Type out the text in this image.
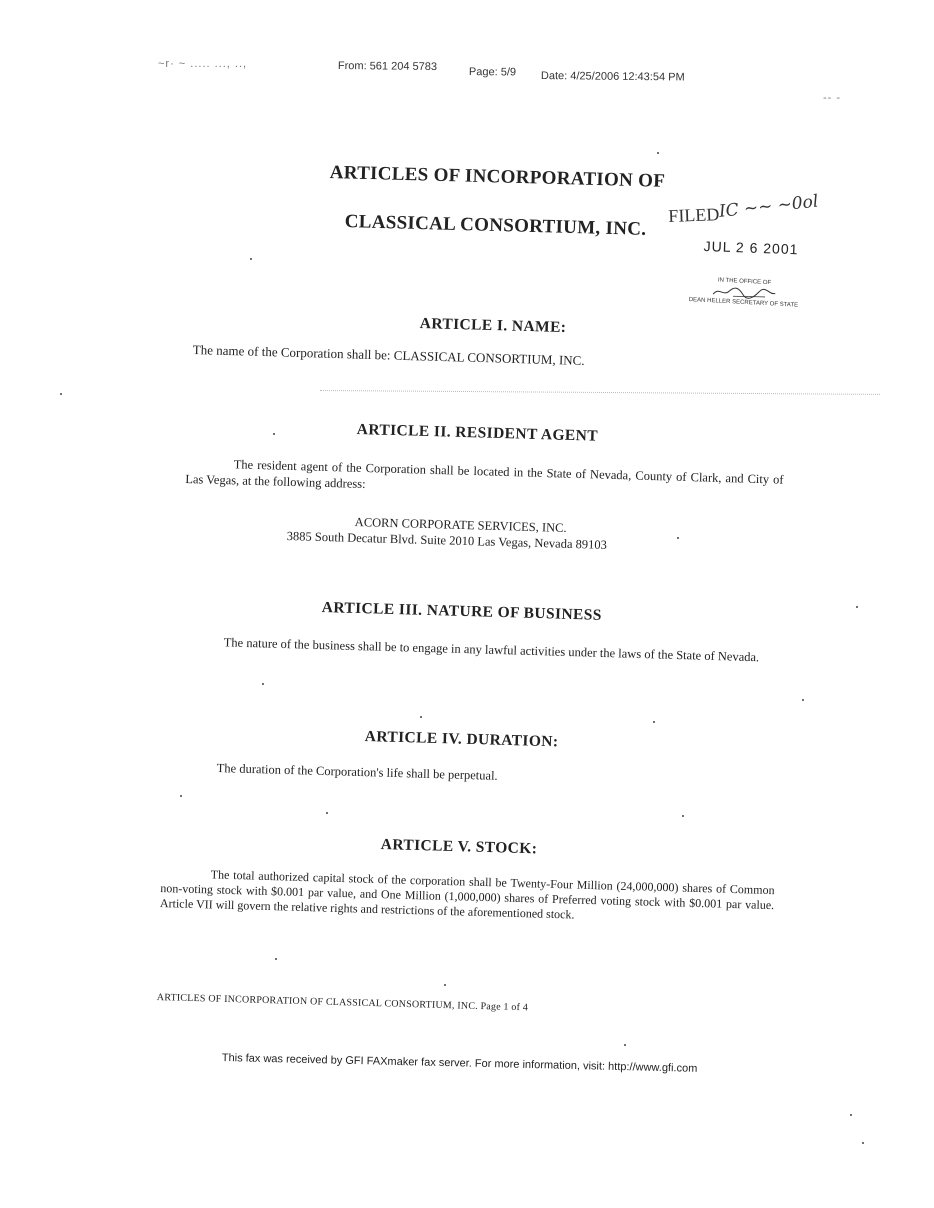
~r· ~ ..... ..., ..,	From: 561 204 5783	Page: 5/9 Date: 4/25/2006 12:43:54 PM
‐‐ ‐
ARTICLES OF INCORPORATION OF
CLASSICAL CONSORTIUM, INC. FILED
IC ~~ ~0ol
JUL 2 6 2001
IN THE OFFICE OF
DEAN HELLER SECRETARY OF STATE
ARTICLE I. NAME:
The name of the Corporation shall be: CLASSICAL CONSORTIUM, INC.
ARTICLE II. RESIDENT AGENT
The resident agent of the Corporation shall be located in the State of Nevada, County of Clark, and City of Las Vegas, at the following address:
ACORN CORPORATE SERVICES, INC.
3885 South Decatur Blvd. Suite 2010 Las Vegas, Nevada 89103
ARTICLE III. NATURE OF BUSINESS
The nature of the business shall be to engage in any lawful activities under the laws of the State of Nevada.
ARTICLE IV. DURATION:
The duration of the Corporation's life shall be perpetual.
ARTICLE V. STOCK:
The total authorized capital stock of the corporation shall be Twenty-Four Million (24,000,000) shares of Common non-voting stock with $0.001 par value, and One Million (1,000,000) shares of Preferred voting stock with $0.001 par value. Article VII will govern the relative rights and restrictions of the aforementioned stock.
ARTICLES OF INCORPORATION OF CLASSICAL CONSORTIUM, INC. Page 1 of 4
This fax was received by GFI FAXmaker fax server. For more information, visit: http://www.gfi.com
